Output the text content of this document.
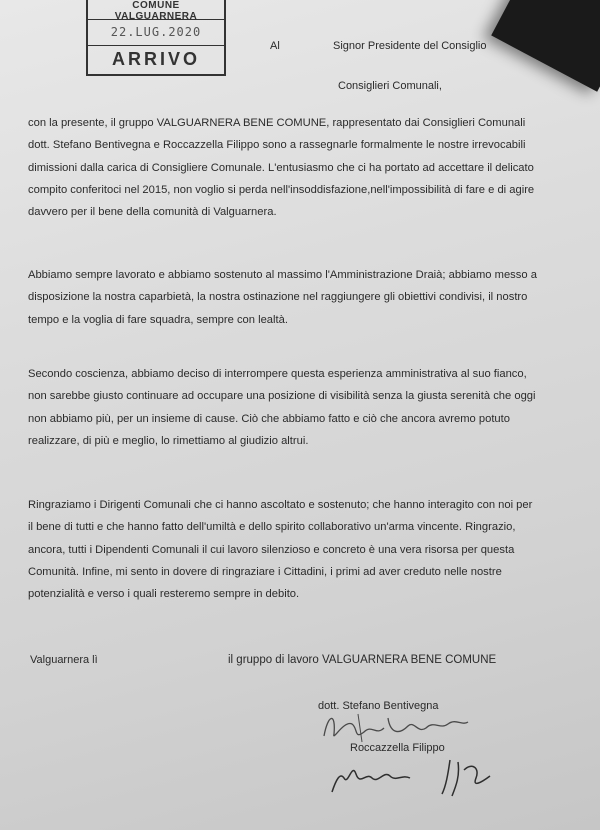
COMUNE
VALGUARNERA
22.LUG.2020
ARRIVO
Al	Signor Presidente del Consiglio
Consiglieri Comunali,

con la presente, il gruppo VALGUARNERA BENE COMUNE, rappresentato dai Consiglieri Comunali dott. Stefano Bentivegna e Roccazzella Filippo sono a rassegnarle formalmente le nostre irrevocabili dimissioni dalla carica di Consigliere Comunale. L'entusiasmo che ci ha portato ad accettare il delicato compito conferitoci nel 2015, non voglio si perda nell'insoddisfazione,nell'impossibilità di fare e di agire davvero per il bene della comunità di Valguarnera.

Abbiamo sempre lavorato e abbiamo sostenuto al massimo l'Amministrazione Draià; abbiamo messo a disposizione la nostra caparbietà, la nostra ostinazione nel raggiungere gli obiettivi condivisi, il nostro tempo e la voglia di fare squadra, sempre con lealtà.

Secondo coscienza, abbiamo deciso di interrompere questa esperienza amministrativa al suo fianco, non sarebbe giusto continuare ad occupare una posizione di visibilità senza la giusta serenità che oggi non abbiamo più, per un insieme di cause. Ciò che abbiamo fatto e ciò che ancora avremo potuto realizzare, di più e meglio, lo rimettiamo al giudizio altrui.

Ringraziamo i Dirigenti Comunali che ci hanno ascoltato e sostenuto; che hanno interagito con noi per il bene di tutti e che hanno fatto dell'umiltà e dello spirito collaborativo un'arma vincente. Ringrazio, ancora, tutti i Dipendenti Comunali il cui lavoro silenzioso e concreto è una vera risorsa per questa Comunità. Infine, mi sento in dovere di ringraziare i Cittadini, i primi ad aver creduto nelle nostre potenzialità e verso i quali resteremo sempre in debito.

Valguarnera lì	il gruppo di lavoro VALGUARNERA BENE COMUNE
dott. Stefano Bentivegna
Roccazzella Filippo
